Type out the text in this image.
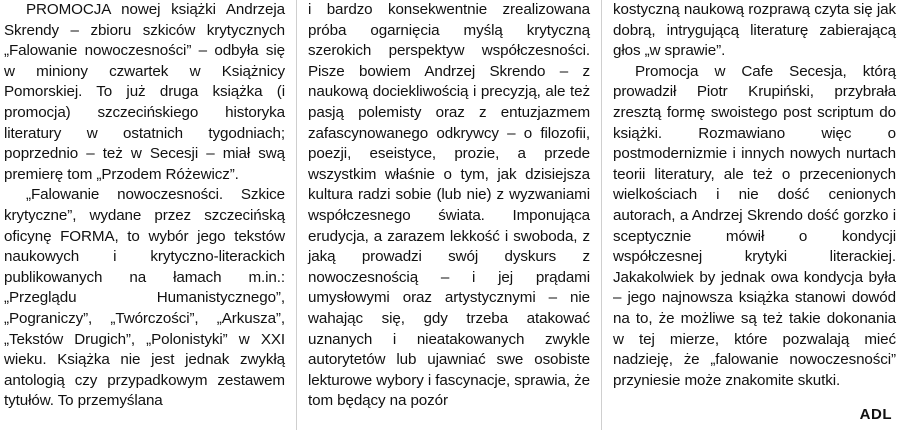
PROMOCJA nowej książki Andrzeja Skrendy – zbioru szkiców krytycznych „Falowanie nowoczesności” – odbyła się w miniony czwartek w Książnicy Pomorskiej. To już druga książka (i promocja) szczecińskiego historyka literatury w ostatnich tygodniach; poprzednio – też w Secesji – miał swą premierę tom „Przodem Różewicz”.

„Falowanie nowoczesności. Szkice krytyczne”, wydane przez szczecińską oficynę FORMA, to wybór jego tekstów naukowych i krytyczno-literackich publikowanych na łamach m.in.: „Przeglądu Humanistycznego”, „Pograniczy”, „Twórczości”, „Arkusza”, „Tekstów Drugich”, „Polonistyki” w XXI wieku. Książka nie jest jednak zwykłą antologią czy przypadkowym zestawem tytułów. To przemyślana

i bardzo konsekwentnie zrealizowana próba ogarnięcia myślą krytyczną szerokich perspektyw współczesności. Pisze bowiem Andrzej Skrendo – z naukową dociekliwością i precyzją, ale też pasją polemisty oraz z entuzjazmem zafascynowanego odkrywcy – o filozofii, poezji, eseistyce, prozie, a przede wszystkim właśnie o tym, jak dzisiejsza kultura radzi sobie (lub nie) z wyzwaniami współczesnego świata. Imponująca erudycja, a zarazem lekkość i swoboda, z jaką prowadzi swój dyskurs z nowoczesnością – i jej prądami umysłowymi oraz artystycznymi – nie wahając się, gdy trzeba atakować uznanych i nieatakowanych zwykle autorytetów lub ujawniać swe osobiste lekturowe wybory i fascynacje, sprawia, że tom będący na pozór

kostyczną naukową rozprawą czyta się jak dobrą, intrygującą literaturę zabierającą głos „w sprawie”.

Promocja w Cafe Secesja, którą prowadził Piotr Krupiński, przybrała zresztą formę swoistego post scriptum do książki. Rozmawiano więc o postmodernizmie i innych nowych nurtach teorii literatury, ale też o przecenionych wielkościach i nie dość cenionych autorach, a Andrzej Skrendo dość gorzko i sceptycznie mówił o kondycji współczesnej krytyki literackiej. Jakakolwiek by jednak owa kondycja była – jego najnowsza książka stanowi dowód na to, że możliwe są też takie dokonania w tej mierze, które pozwalają mieć nadzieję, że „falowanie nowoczesności” przyniesie może znakomite skutki.

ADL
